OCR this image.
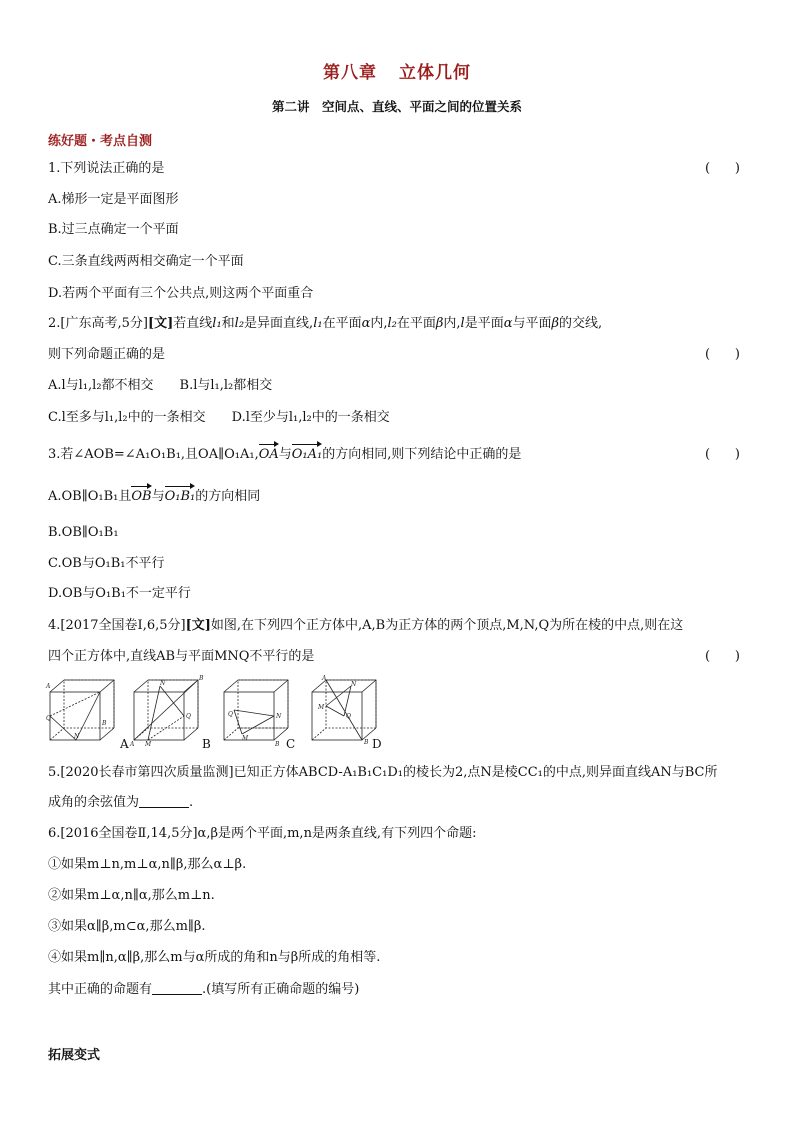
第八章 立体几何
第二讲　空间点、直线、平面之间的位置关系
练好题・考点自测
1.下列说法正确的是	(      )
A.梯形一定是平面图形
B.过三点确定一个平面
C.三条直线两两相交确定一个平面
D.若两个平面有三个公共点,则这两个平面重合
2.[广东高考,5分][文]若直线l₁和l₂是异面直线,l₁在平面α内,l₂在平面β内,l是平面α与平面β的交线,
则下列命题正确的是	(      )
A.l与l₁,l₂都不相交　　B.l与l₁,l₂都相交
C.l至多与l₁,l₂中的一条相交　　D.l至少与l₁,l₂中的一条相交
3.若∠AOB=∠A₁O₁B₁,且OA∥O₁A₁,OA与O₁A₁的方向相同,则下列结论中正确的是	(      )
A.OB∥O₁B₁且OB与O₁B₁的方向相同
B.OB∥O₁B₁
C.OB与O₁B₁不平行
D.OB与O₁B₁不一定平行
4.[2017全国卷Ⅰ,6,5分][文]如图,在下列四个正方体中,A,B为正方体的两个顶点,M,N,Q为所在棱的中点,则在这
四个正方体中,直线AB与平面MNQ不平行的是	(      )
Q
N
B
A
A
N
Q
M
B
A	B
Q
M
N
B C
A
M
N
Q
B D
5.[2020长春市第四次质量监测]已知正方体ABCD-A₁B₁C₁D₁的棱长为2,点N是棱CC₁的中点,则异面直线AN与BC所
成角的余弦值为	.
6.[2016全国卷Ⅱ,14,5分]α,β是两个平面,m,n是两条直线,有下列四个命题:
①如果m⊥n,m⊥α,n∥β,那么α⊥β.
②如果m⊥α,n∥α,那么m⊥n.
③如果α∥β,m⊂α,那么m∥β.
④如果m∥n,α∥β,那么m与α所成的角和n与β所成的角相等.
其中正确的命题有	.(填写所有正确命题的编号)
拓展变式
